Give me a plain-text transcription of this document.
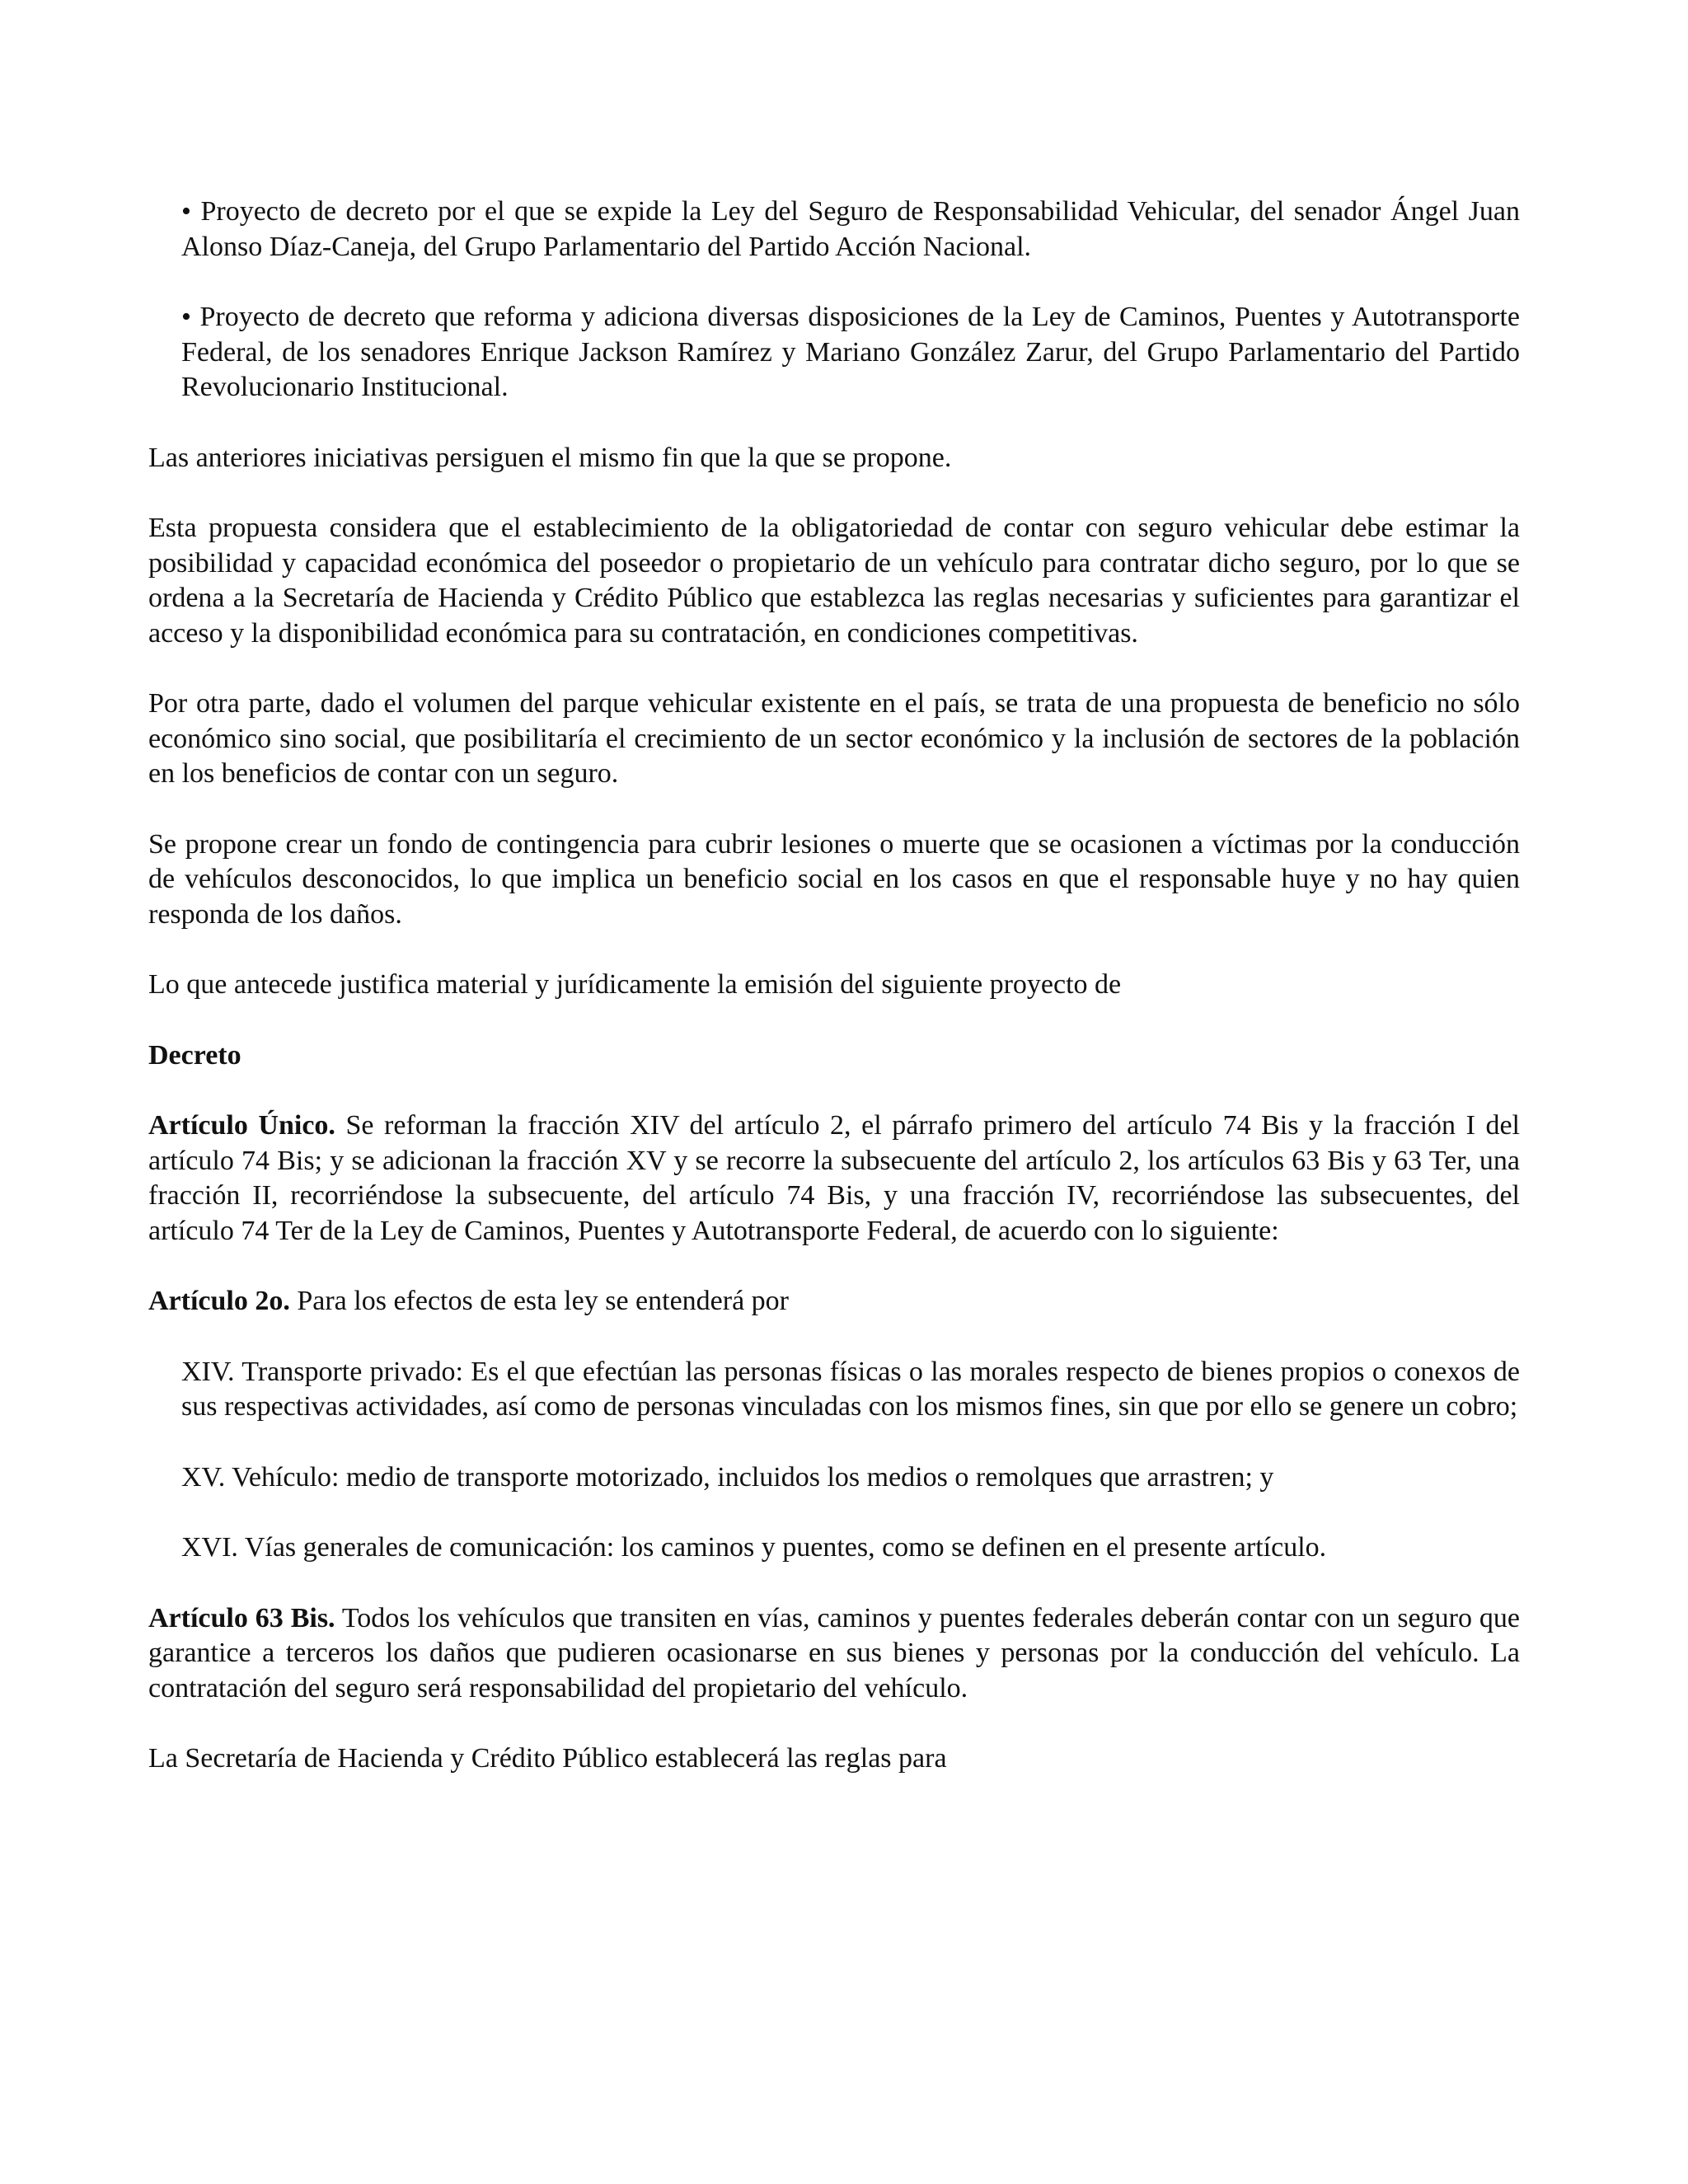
• Proyecto de decreto por el que se expide la Ley del Seguro de Responsabilidad Vehicular, del senador Ángel Juan Alonso Díaz-Caneja, del Grupo Parlamentario del Partido Acción Nacional.

• Proyecto de decreto que reforma y adiciona diversas disposiciones de la Ley de Caminos, Puentes y Autotransporte Federal, de los senadores Enrique Jackson Ramírez y Mariano González Zarur, del Grupo Parlamentario del Partido Revolucionario Institucional.

Las anteriores iniciativas persiguen el mismo fin que la que se propone.

Esta propuesta considera que el establecimiento de la obligatoriedad de contar con seguro vehicular debe estimar la posibilidad y capacidad económica del poseedor o propietario de un vehículo para contratar dicho seguro, por lo que se ordena a la Secretaría de Hacienda y Crédito Público que establezca las reglas necesarias y suficientes para garantizar el acceso y la disponibilidad económica para su contratación, en condiciones competitivas.

Por otra parte, dado el volumen del parque vehicular existente en el país, se trata de una propuesta de beneficio no sólo económico sino social, que posibilitaría el crecimiento de un sector económico y la inclusión de sectores de la población en los beneficios de contar con un seguro.

Se propone crear un fondo de contingencia para cubrir lesiones o muerte que se ocasionen a víctimas por la conducción de vehículos desconocidos, lo que implica un beneficio social en los casos en que el responsable huye y no hay quien responda de los daños.

Lo que antecede justifica material y jurídicamente la emisión del siguiente proyecto de

Decreto

Artículo Único. Se reforman la fracción XIV del artículo 2, el párrafo primero del artículo 74 Bis y la fracción I del artículo 74 Bis; y se adicionan la fracción XV y se recorre la subsecuente del artículo 2, los artículos 63 Bis y 63 Ter, una fracción II, recorriéndose la subsecuente, del artículo 74 Bis, y una fracción IV, recorriéndose las subsecuentes, del artículo 74 Ter de la Ley de Caminos, Puentes y Autotransporte Federal, de acuerdo con lo siguiente:

Artículo 2o. Para los efectos de esta ley se entenderá por

XIV. Transporte privado: Es el que efectúan las personas físicas o las morales respecto de bienes propios o conexos de sus respectivas actividades, así como de personas vinculadas con los mismos fines, sin que por ello se genere un cobro;

XV. Vehículo: medio de transporte motorizado, incluidos los medios o remolques que arrastren; y

XVI. Vías generales de comunicación: los caminos y puentes, como se definen en el presente artículo.

Artículo 63 Bis. Todos los vehículos que transiten en vías, caminos y puentes federales deberán contar con un seguro que garantice a terceros los daños que pudieren ocasionarse en sus bienes y personas por la conducción del vehículo. La contratación del seguro será responsabilidad del propietario del vehículo.

La Secretaría de Hacienda y Crédito Público establecerá las reglas para
